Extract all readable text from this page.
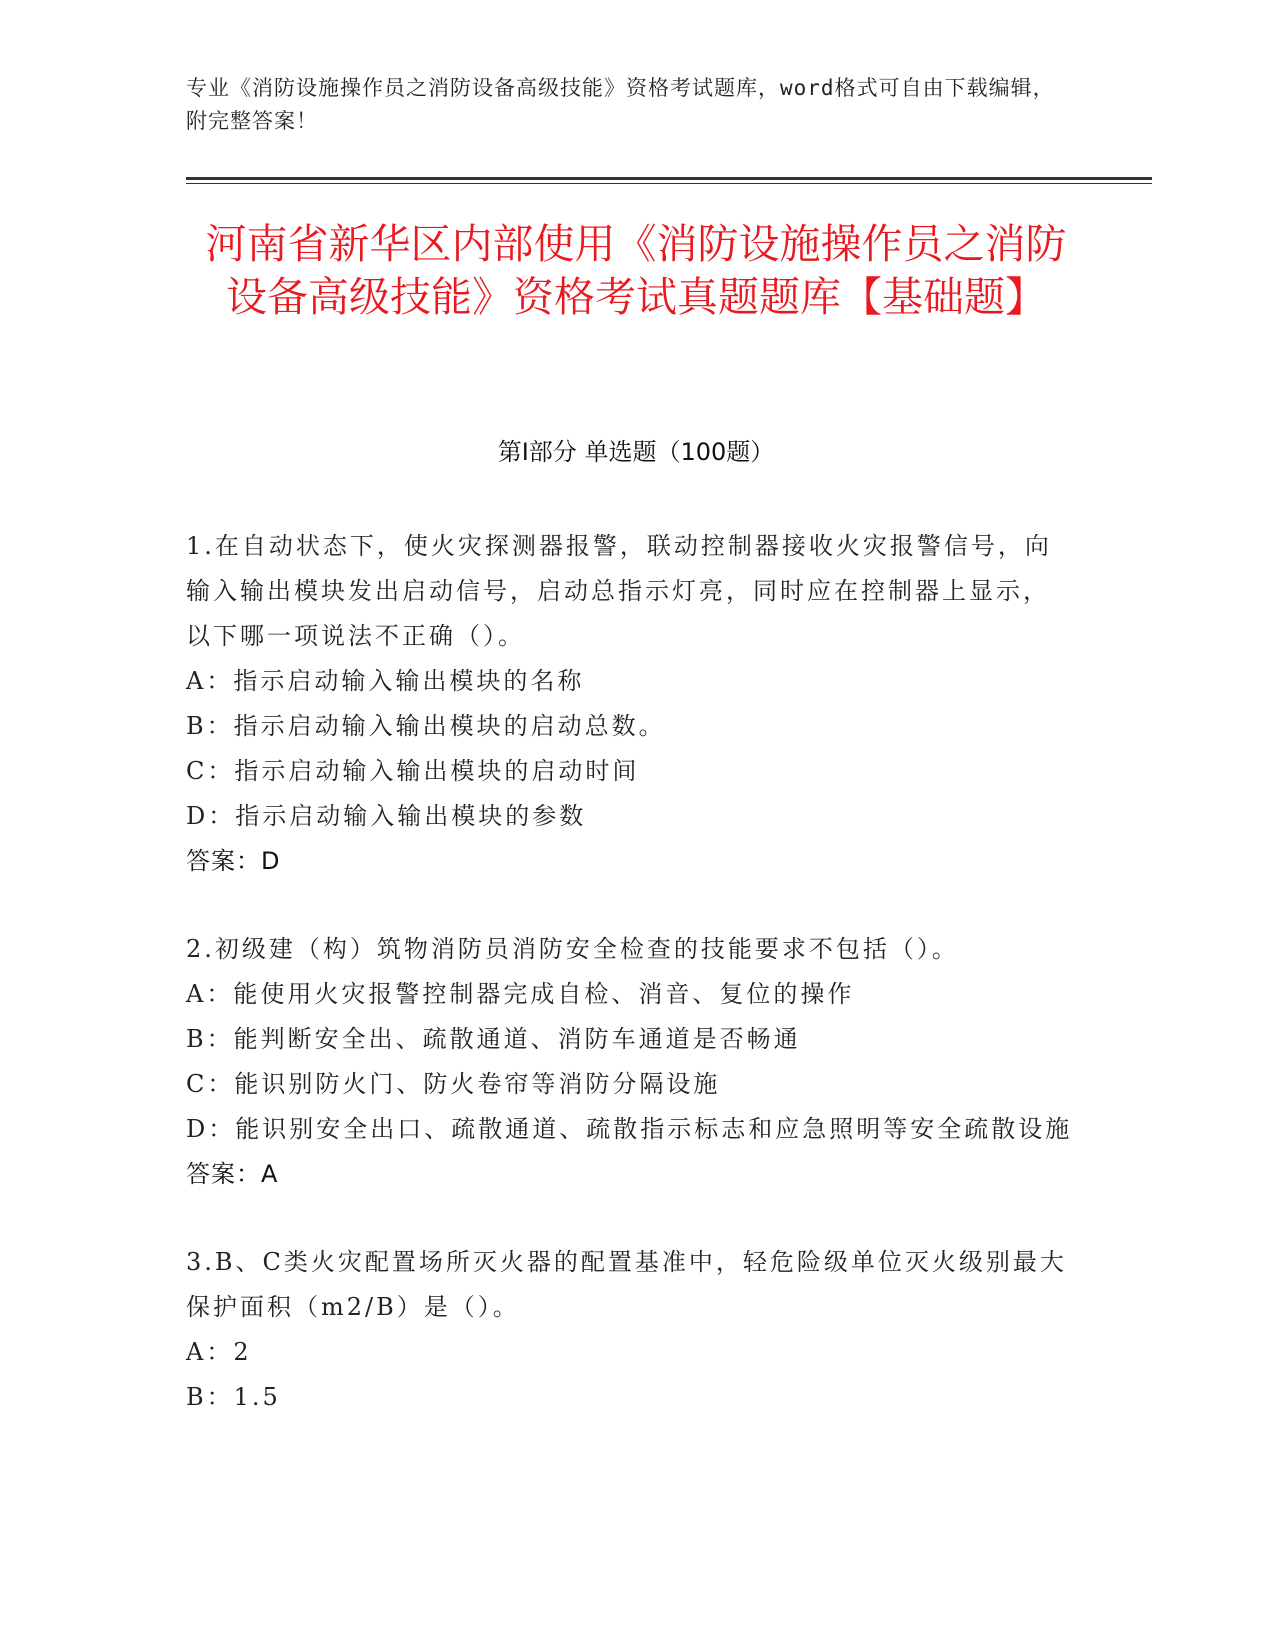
专业《消防设施操作员之消防设备高级技能》资格考试题库，word格式可自由下载编辑，附完整答案！
河南省新华区内部使用《消防设施操作员之消防设备高级技能》资格考试真题题库【基础题】
第Ⅰ部分 单选题（100题）

1.在自动状态下，使火灾探测器报警，联动控制器接收火灾报警信号，向输入输出模块发出启动信号，启动总指示灯亮，同时应在控制器上显示，以下哪一项说法不正确（）。

A：指示启动输入输出模块的名称

B：指示启动输入输出模块的启动总数。

C：指示启动输入输出模块的启动时间

D：指示启动输入输出模块的参数

答案：D

2.初级建（构）筑物消防员消防安全检查的技能要求不包括（）。

A：能使用火灾报警控制器完成自检、消音、复位的操作

B：能判断安全出、疏散通道、消防车通道是否畅通

C：能识别防火门、防火卷帘等消防分隔设施

D：能识别安全出口、疏散通道、疏散指示标志和应急照明等安全疏散设施

答案：A

3.B、C类火灾配置场所灭火器的配置基准中，轻危险级单位灭火级别最大保护面积（m2/B）是（）。

A：2

B：1.5
